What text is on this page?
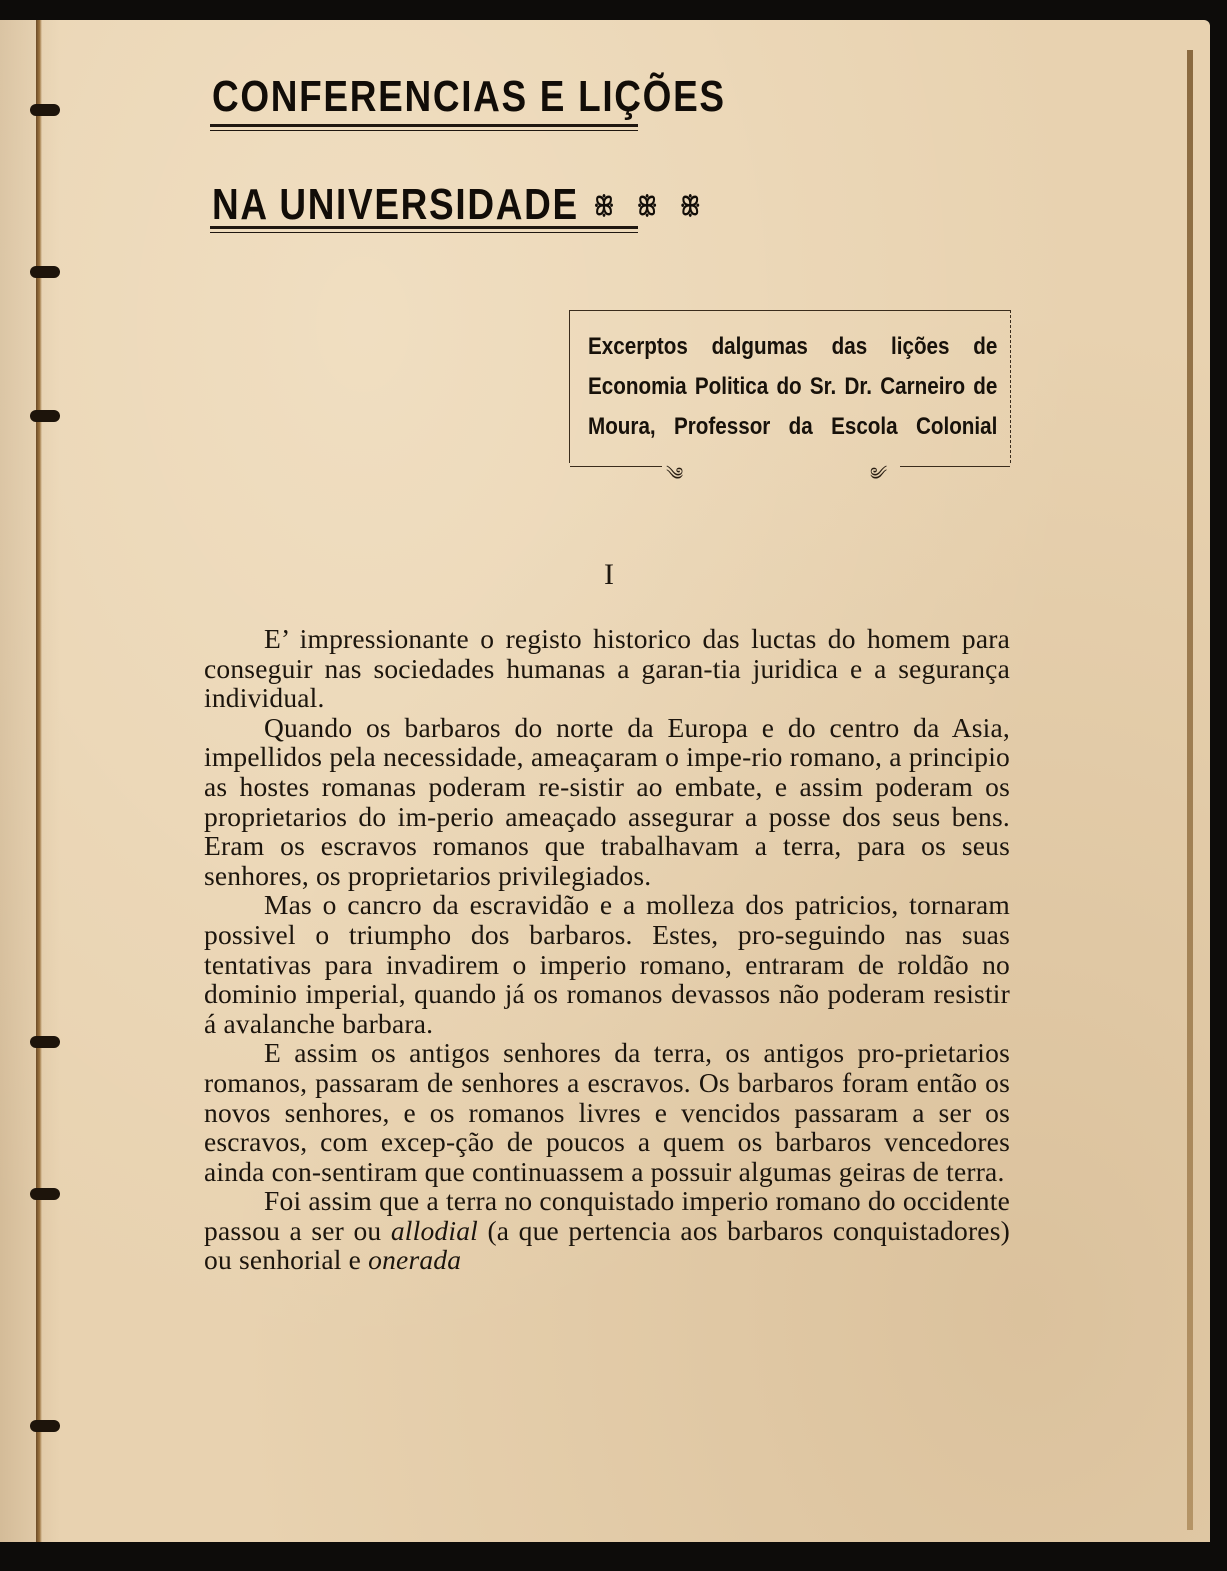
CONFERENCIAS E LIÇÕES
NA UNIVERSIDADE ꕥ ꕥ ꕥ
Excerptos dalgumas das lições de Economia Politica do Sr. Dr. Carneiro de Moura, Professor da Escola Colonial
༄	༄
I

E’ impressionante o registo historico das luctas do homem para conseguir nas sociedades humanas a garan-tia juridica e a segurança individual.

Quando os barbaros do norte da Europa e do centro da Asia, impellidos pela necessidade, ameaçaram o impe-rio romano, a principio as hostes romanas poderam re-sistir ao embate, e assim poderam os proprietarios do im-perio ameaçado assegurar a posse dos seus bens. Eram os escravos romanos que trabalhavam a terra, para os seus senhores, os proprietarios privilegiados.

Mas o cancro da escravidão e a molleza dos patricios, tornaram possivel o triumpho dos barbaros. Estes, pro-seguindo nas suas tentativas para invadirem o imperio romano, entraram de roldão no dominio imperial, quando já os romanos devassos não poderam resistir á avalanche barbara.

E assim os antigos senhores da terra, os antigos pro-prietarios romanos, passaram de senhores a escravos. Os barbaros foram então os novos senhores, e os romanos livres e vencidos passaram a ser os escravos, com excep-ção de poucos a quem os barbaros vencedores ainda con-sentiram que continuassem a possuir algumas geiras de terra.

Foi assim que a terra no conquistado imperio romano do occidente passou a ser ou allodial (a que pertencia aos barbaros conquistadores) ou senhorial e onerada
